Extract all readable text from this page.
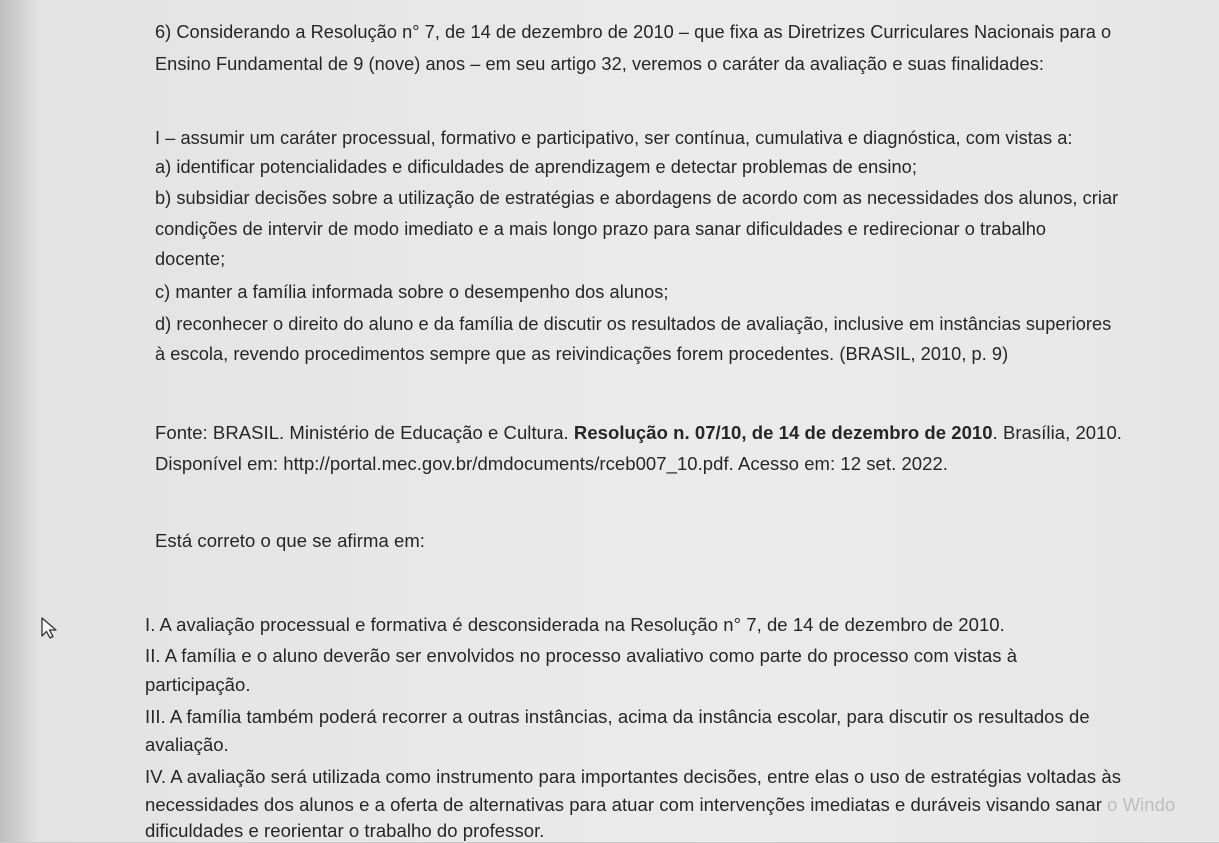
6) Considerando a Resolução n° 7, de 14 de dezembro de 2010 – que fixa as Diretrizes Curriculares Nacionais para o
Ensino Fundamental de 9 (nove) anos – em seu artigo 32, veremos o caráter da avaliação e suas finalidades:
I – assumir um caráter processual, formativo e participativo, ser contínua, cumulativa e diagnóstica, com vistas a:
a) identificar potencialidades e dificuldades de aprendizagem e detectar problemas de ensino;
b) subsidiar decisões sobre a utilização de estratégias e abordagens de acordo com as necessidades dos alunos, criar
condições de intervir de modo imediato e a mais longo prazo para sanar dificuldades e redirecionar o trabalho
docente;
c) manter a família informada sobre o desempenho dos alunos;
d) reconhecer o direito do aluno e da família de discutir os resultados de avaliação, inclusive em instâncias superiores
à escola, revendo procedimentos sempre que as reivindicações forem procedentes. (BRASIL, 2010, p. 9)
Fonte: BRASIL. Ministério de Educação e Cultura. Resolução n. 07/10, de 14 de dezembro de 2010. Brasília, 2010.
Disponível em: http://portal.mec.gov.br/dmdocuments/rceb007_10.pdf. Acesso em: 12 set. 2022.
Está correto o que se afirma em:
I. A avaliação processual e formativa é desconsiderada na Resolução n° 7, de 14 de dezembro de 2010.
II. A família e o aluno deverão ser envolvidos no processo avaliativo como parte do processo com vistas à
participação.
III. A família também poderá recorrer a outras instâncias, acima da instância escolar, para discutir os resultados de
avaliação.
IV. A avaliação será utilizada como instrumento para importantes decisões, entre elas o uso de estratégias voltadas às
necessidades dos alunos e a oferta de alternativas para atuar com intervenções imediatas e duráveis visando sanar o Windo
dificuldades e reorientar o trabalho do professor.
